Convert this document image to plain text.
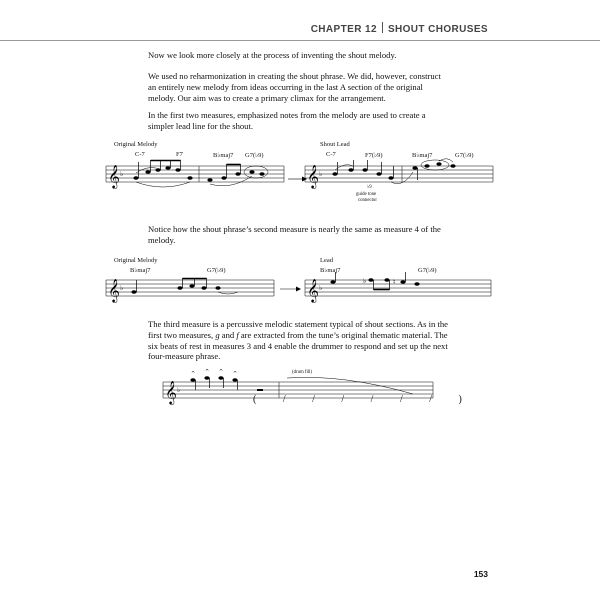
CHAPTER 12 SHOUT CHORUSES
Now we look more closely at the process of inventing the shout melody.
We used no reharmonization in creating the shout phrase. We did, however, construct an entirely new melody from ideas occurring in the last A section of the original melody. Our aim was to create a primary climax for the arrangement.
In the first two measures, emphasized notes from the melody are used to create a simpler lead line for the shout.
Original Melody
C-7	F7	B♭maj7 G7(♭9)
Shout Lead
C-7	F7(♭9)	B♭maj7	G7(♭9)
♭9
guide tone
connector
𝄞 ♭	𝄞 ♭
Notice how the shout phrase’s second measure is nearly the same as measure 4 of the melody.
Original Melody
B♭maj7	G7(♭9)
Lead
B♭maj7	G7(♭9)
𝄞 ♭	𝄞 ♭
♭	♮
The third measure is a percussive melodic statement typical of shout sections. As in the first two measures, g and f are extracted from the tune’s original thematic material. The six beats of rest in measures 3 and 4 enable the drummer to respond and set up the next four-measure phrase.
(drum fill)
𝄞 ♭
^ ^ ^ ^
( / / / / / / )
153
